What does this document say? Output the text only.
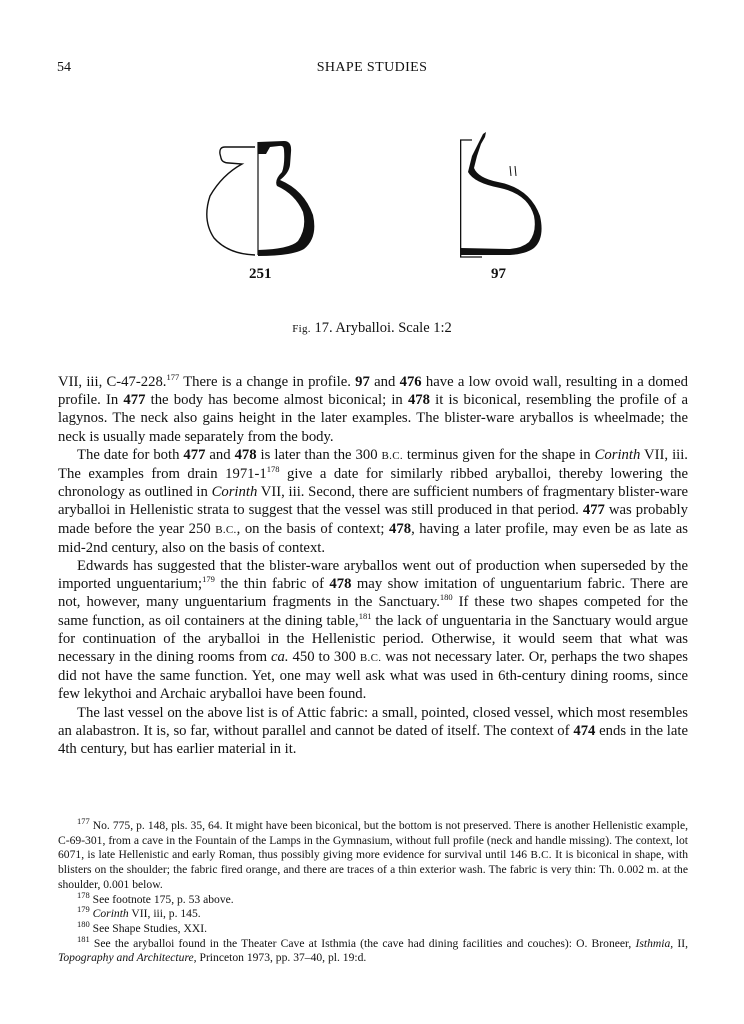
54	SHAPE STUDIES
251	97
Fig. 17. Aryballoi. Scale 1:2

VII, iii, C-47-228.$^{177}$ There is a change in profile. 97 and 476 have a low ovoid wall, resulting in a domed profile. In 477 the body has become almost biconical; in 478 it is biconical, resembling the profile of a lagynos. The neck also gains height in the later examples. The blister-ware aryballos is wheelmade; the neck is usually made separately from the body.

The date for both 477 and 478 is later than the 300 B.C. terminus given for the shape in Corinth VII, iii. The examples from drain $1971-1^{178}$ give a date for similarly ribbed aryballoi, thereby lowering the chronology as outlined in Corinth VII, iii. Second, there are sufficient numbers of fragmentary blister-ware aryballoi in Hellenistic strata to suggest that the vessel was still produced in that period. 477 was probably made before the year 250 B.C., on the basis of context; 478, having a later profile, may even be as late as mid-2nd century, also on the basis of context.

Edwards has suggested that the blister-ware aryballos went out of production when superseded by the imported unguentarium;$^{179}$ the thin fabric of 478 may show imitation of unguentarium fabric. There are not, however, many unguentarium fragments in the Sanctuary.$^{180}$ If these two shapes competed for the same function, as oil containers at the dining table,$^{181}$ the lack of unguentaria in the Sanctuary would argue for continuation of the aryballoi in the Hellenistic period. Otherwise, it would seem that what was necessary in the dining rooms from ca. 450 to 300 B.C. was not necessary later. Or, perhaps the two shapes did not have the same function. Yet, one may well ask what was used in 6th-century dining rooms, since few lekythoi and Archaic aryballoi have been found.

The last vessel on the above list is of Attic fabric: a small, pointed, closed vessel, which most resembles an alabastron. It is, so far, without parallel and cannot be dated of itself. The context of 474 ends in the late 4th century, but has earlier material in it.

$^{177}$ No. 775, p. 148, pls. 35, 64. It might have been biconical, but the bottom is not preserved. There is another Hellenistic example, C-69-301, from a cave in the Fountain of the Lamps in the Gymnasium, without full profile (neck and handle missing). The context, lot 6071, is late Hellenistic and early Roman, thus possibly giving more evidence for survival until 146 B.C. It is biconical in shape, with blisters on the shoulder; the fabric fired orange, and there are traces of a thin exterior wash. The fabric is very thin: Th. 0.002 m. at the shoulder, 0.001 below.
$^{178}$ See footnote 175, p. 53 above.
$^{179}$ Corinth VII, iii, p. 145.
$^{180}$ See Shape Studies, XXI.
$^{181}$ See the aryballoi found in the Theater Cave at Isthmia (the cave had dining facilities and couches): O. Broneer, Isthmia, II, Topography and Architecture, Princeton 1973, pp. 37–40, pl. 19:d.
